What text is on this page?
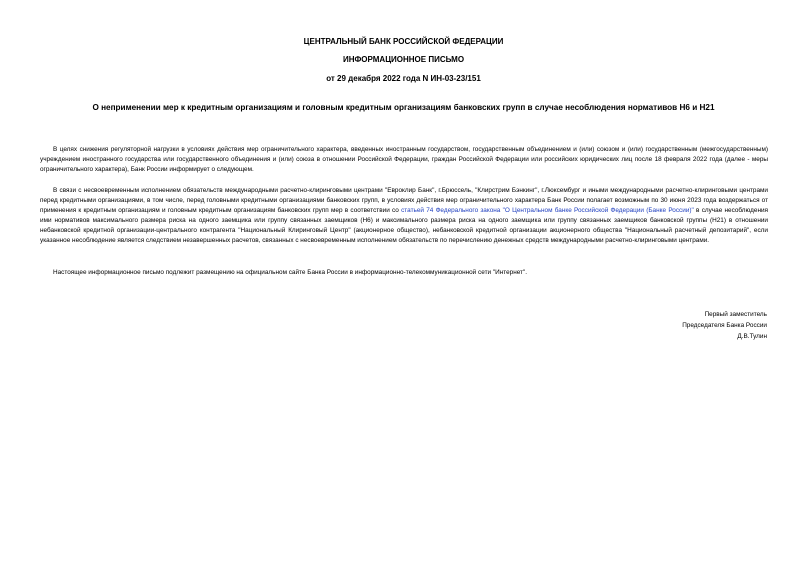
ЦЕНТРАЛЬНЫЙ БАНК РОССИЙСКОЙ ФЕДЕРАЦИИ
ИНФОРМАЦИОННОЕ ПИСЬМО
от 29 декабря 2022 года N ИН-03-23/151
О неприменении мер к кредитным организациям и головным кредитным организациям банковских групп в случае несоблюдения нормативов Н6 и Н21
В целях снижения регуляторной нагрузки в условиях действия мер ограничительного характера, введенных иностранным государством, государственным объединением и (или) союзом и (или) государственным (межгосударственным) учреждением иностранного государства или государственного объединения и (или) союза в отношении Российской Федерации, граждан Российской Федерации или российских юридических лиц после 18 февраля 2022 года (далее - меры ограничительного характера), Банк России информирует о следующем.
В связи с несвоевременным исполнением обязательств международными расчетно-клиринговыми центрами "Евроклир Банк", г.Брюссель, "Клирстрим Бэнкинг", г.Люксембург и иными международными расчетно-клиринговыми центрами перед кредитными организациями, в том числе, перед головными кредитными организациями банковских групп, в условиях действия мер ограничительного характера Банк России полагает возможным по 30 июня 2023 года воздержаться от применения к кредитным организациям и головным кредитным организациям банковских групп мер в соответствии со статьей 74 Федерального закона "О Центральном банке Российской Федерации (Банке России)" в случае несоблюдения ими нормативов максимального размера риска на одного заемщика или группу связанных заемщиков (Н6) и максимального размера риска на одного заемщика или группу связанных заемщиков банковской группы (Н21) в отношении небанковской кредитной организации-центрального контрагента "Национальный Клиринговый Центр" (акционерное общество), небанковской кредитной организации акционерного общества "Национальный расчетный депозитарий", если указанное несоблюдение является следствием незавершенных расчетов, связанных с несвоевременным исполнением обязательств по перечислению денежных средств международными расчетно-клиринговыми центрами.
Настоящее информационное письмо подлежит размещению на официальном сайте Банка России в информационно-телекоммуникационной сети "Интернет".
Первый заместитель
Председателя Банка России
Д.В.Тулин
